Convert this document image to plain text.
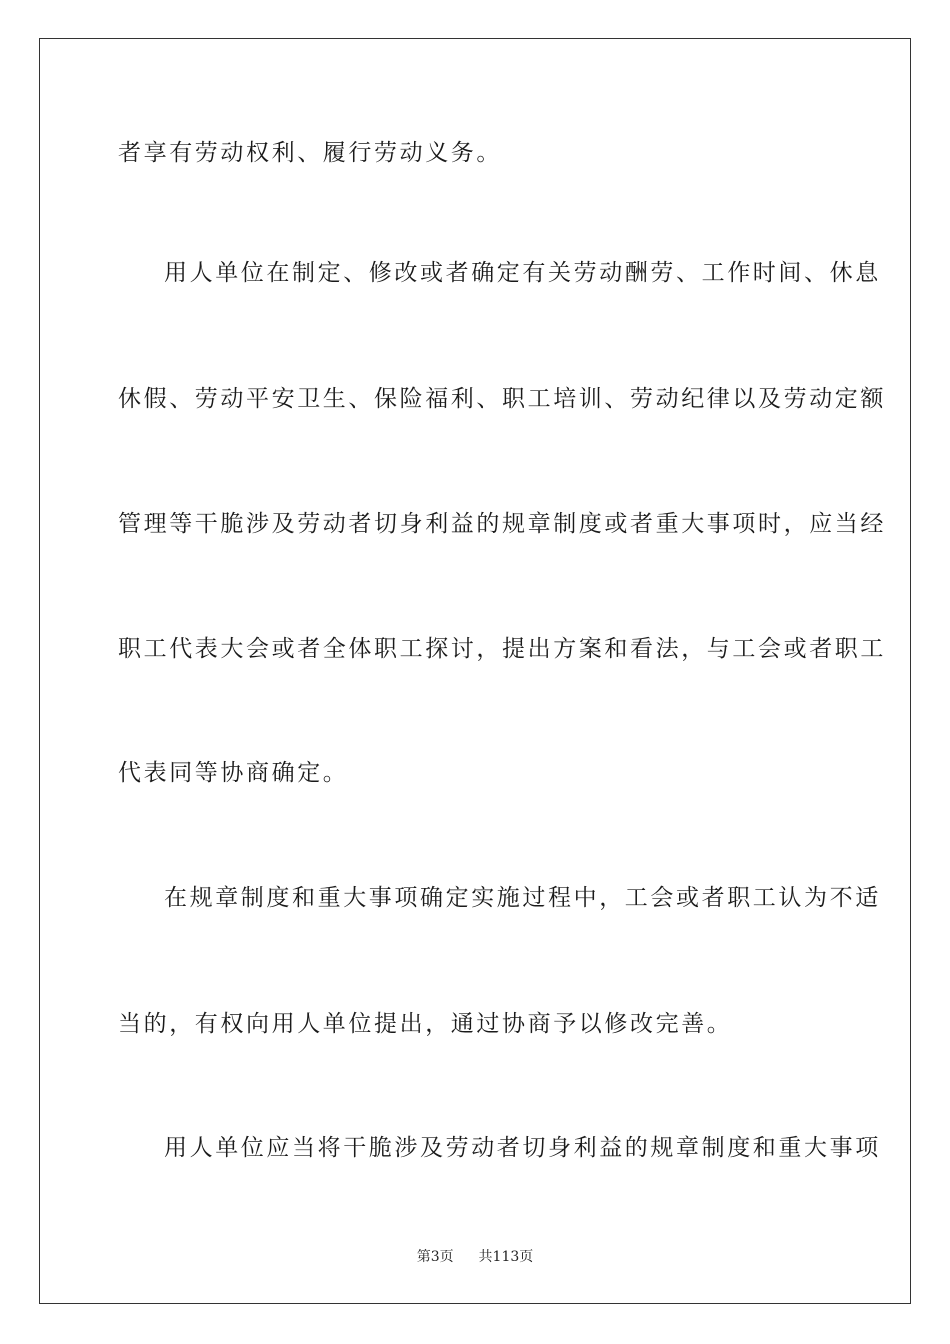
者享有劳动权利、履行劳动义务。
用人单位在制定、修改或者确定有关劳动酬劳、工作时间、休息
休假、劳动平安卫生、保险福利、职工培训、劳动纪律以及劳动定额
管理等干脆涉及劳动者切身利益的规章制度或者重大事项时，应当经
职工代表大会或者全体职工探讨，提出方案和看法，与工会或者职工
代表同等协商确定。
在规章制度和重大事项确定实施过程中，工会或者职工认为不适
当的，有权向用人单位提出，通过协商予以修改完善。
用人单位应当将干脆涉及劳动者切身利益的规章制度和重大事项
第3页 共113页
